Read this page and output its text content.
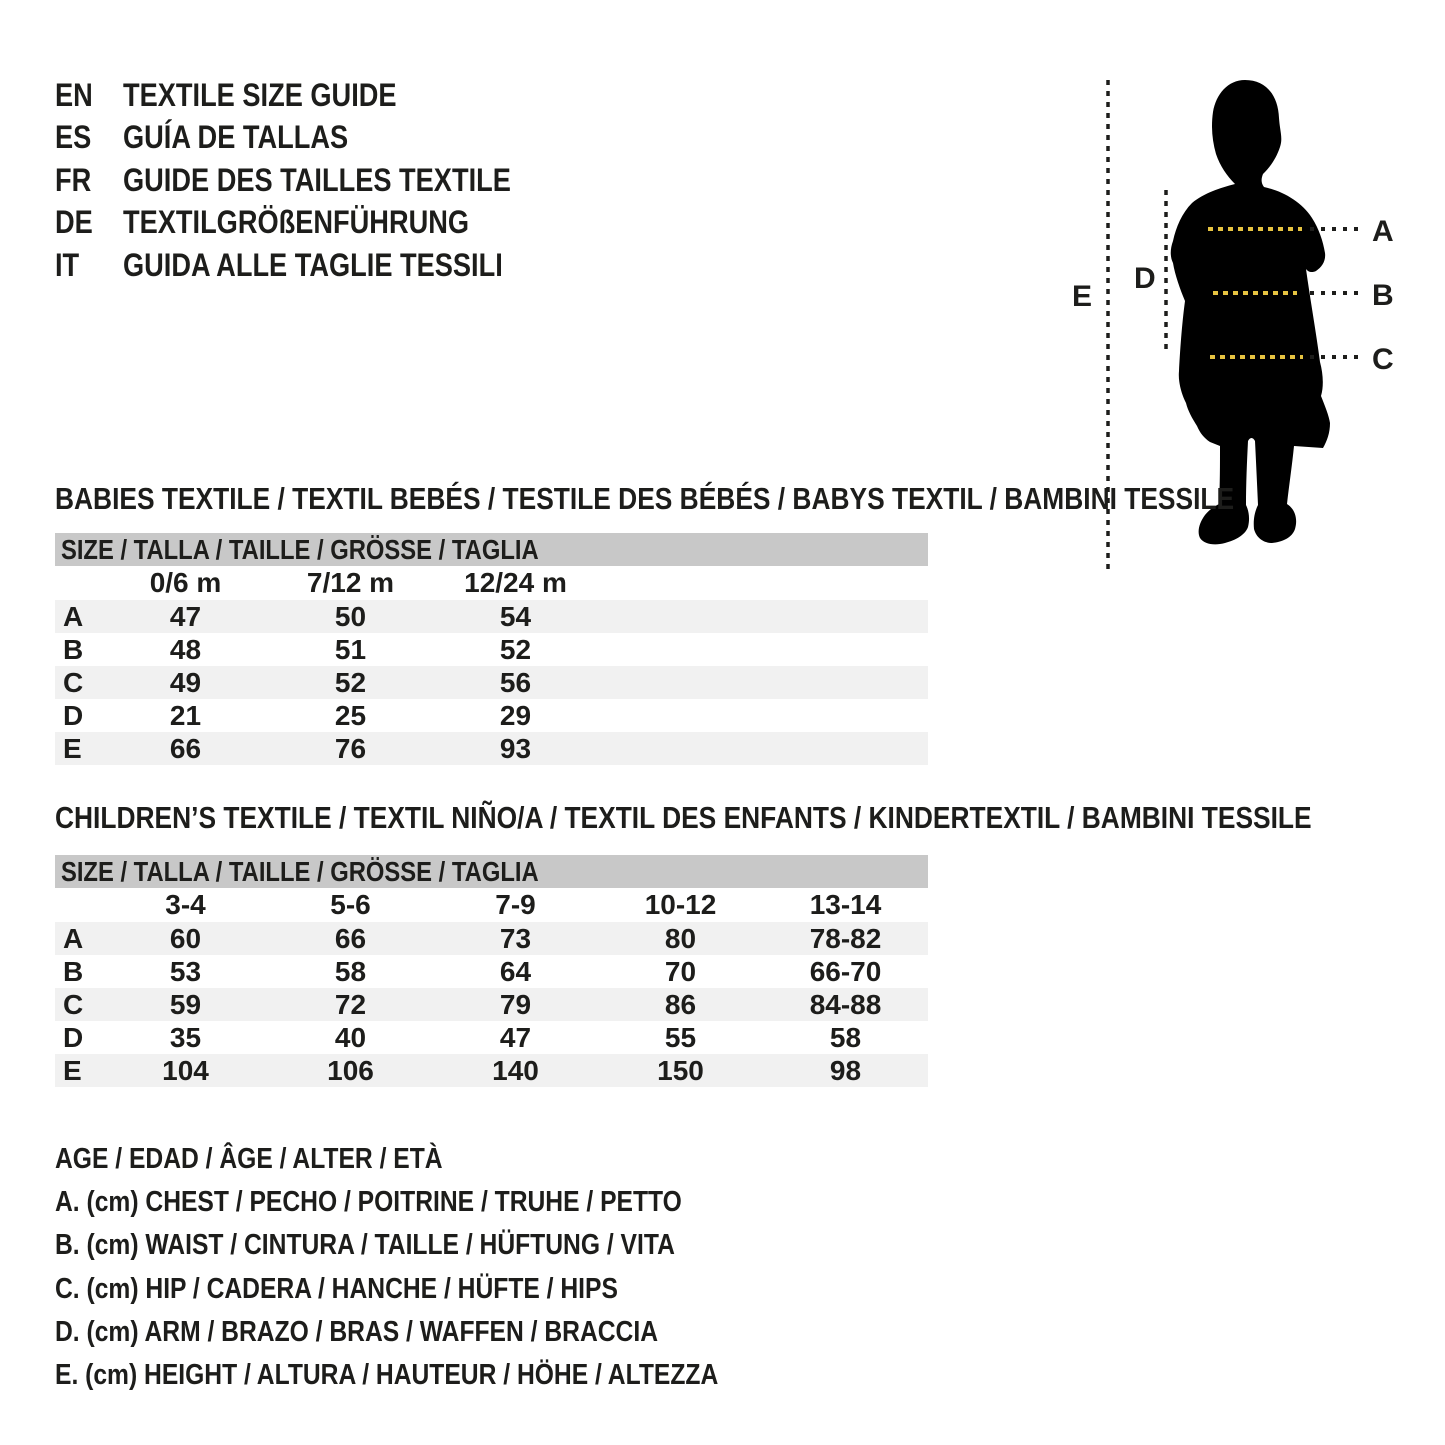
EN TEXTILE SIZE GUIDE
ES GUÍA DE TALLAS
FR GUIDE DES TAILLES TEXTILE
DE TEXTILGRÖßENFÜHRUNG
IT	GUIDA ALLE TAGLIE TESSILI
A
B
C
D
E
BABIES TEXTILE / TEXTIL BEBÉS / TESTILE DES BÉBÉS / BABYS TEXTIL / BAMBINI TESSILE
SIZE / TALLA / TAILLE / GRÖSSE / TAGLIA
0/6 m	7/12 m	12/24 m
A	47	50	54
B	48	51	52
C	49	52	56
D	21	25	29
E	66	76	93
CHILDREN’S TEXTILE / TEXTIL NIÑO/A / TEXTIL DES ENFANTS / KINDERTEXTIL / BAMBINI TESSILE
SIZE / TALLA / TAILLE / GRÖSSE / TAGLIA
3-4	5-6	7-9	10-12	13-14
A	60	66	73	80	78-82
B	53	58	64	70	66-70
C	59	72	79	86	84-88
D	35	40	47	55	58
E	104	106	140	150	98
AGE / EDAD / ÂGE / ALTER / ETÀ
A. (cm) CHEST / PECHO / POITRINE / TRUHE / PETTO
B. (cm) WAIST / CINTURA / TAILLE / HÜFTUNG / VITA
C. (cm) HIP / CADERA / HANCHE / HÜFTE / HIPS
D. (cm) ARM / BRAZO / BRAS / WAFFEN / BRACCIA
E. (cm) HEIGHT / ALTURA / HAUTEUR / HÖHE / ALTEZZA
